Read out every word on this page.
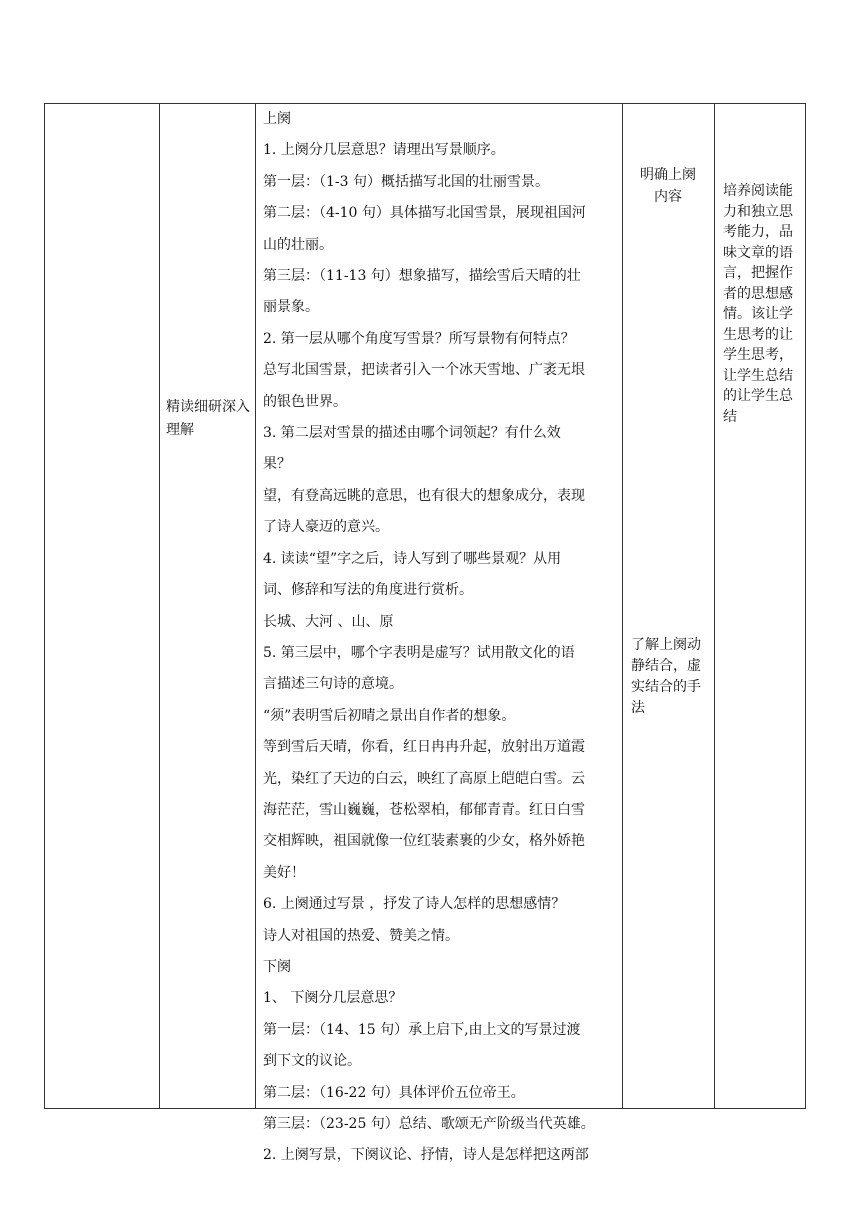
精读细研深入理解

上阕

1. 上阕分几层意思？请理出写景顺序。

第一层：（1-3 句）概括描写北国的壮丽雪景。

第二层：（4-10 句）具体描写北国雪景，展现祖国河

山的壮丽。

第三层：（11-13 句）想象描写，描绘雪后天晴的壮

丽景象。

2. 第一层从哪个角度写雪景？所写景物有何特点？

总写北国雪景，把读者引入一个冰天雪地、广袤无垠

的银色世界。

3. 第二层对雪景的描述由哪个词领起？有什么效

果？

望，有登高远眺的意思，也有很大的想象成分，表现

了诗人豪迈的意兴。

4. 读读“望”字之后，诗人写到了哪些景观？从用

词、修辞和写法的角度进行赏析。

长城、大河 、山、原

5. 第三层中，哪个字表明是虚写？试用散文化的语

言描述三句诗的意境。

“须”表明雪后初晴之景出自作者的想象。

等到雪后天晴，你看，红日冉冉升起，放射出万道霞

光，染红了天边的白云，映红了高原上皑皑白雪。云

海茫茫，雪山巍巍，苍松翠柏，郁郁青青。红日白雪

交相辉映，祖国就像一位红装素裹的少女，格外娇艳

美好！

6. 上阕通过写景 ，抒发了诗人怎样的思想感情？

诗人对祖国的热爱、赞美之情。

下阕

1、 下阕分几层意思？

第一层：（14、15 句）承上启下,由上文的写景过渡

到下文的议论。

第二层：（16-22 句）具体评价五位帝王。

第三层：（23-25 句）总结、歌颂无产阶级当代英雄。

2. 上阕写景，下阕议论、抒情，诗人是怎样把这两部

明确上阕内容
了解上阕动静结合，虚实结合的手法
培养阅读能力和独立思考能力，品味文章的语言，把握作者的思想感情。该让学生思考的让学生思考，让学生总结的让学生总结
